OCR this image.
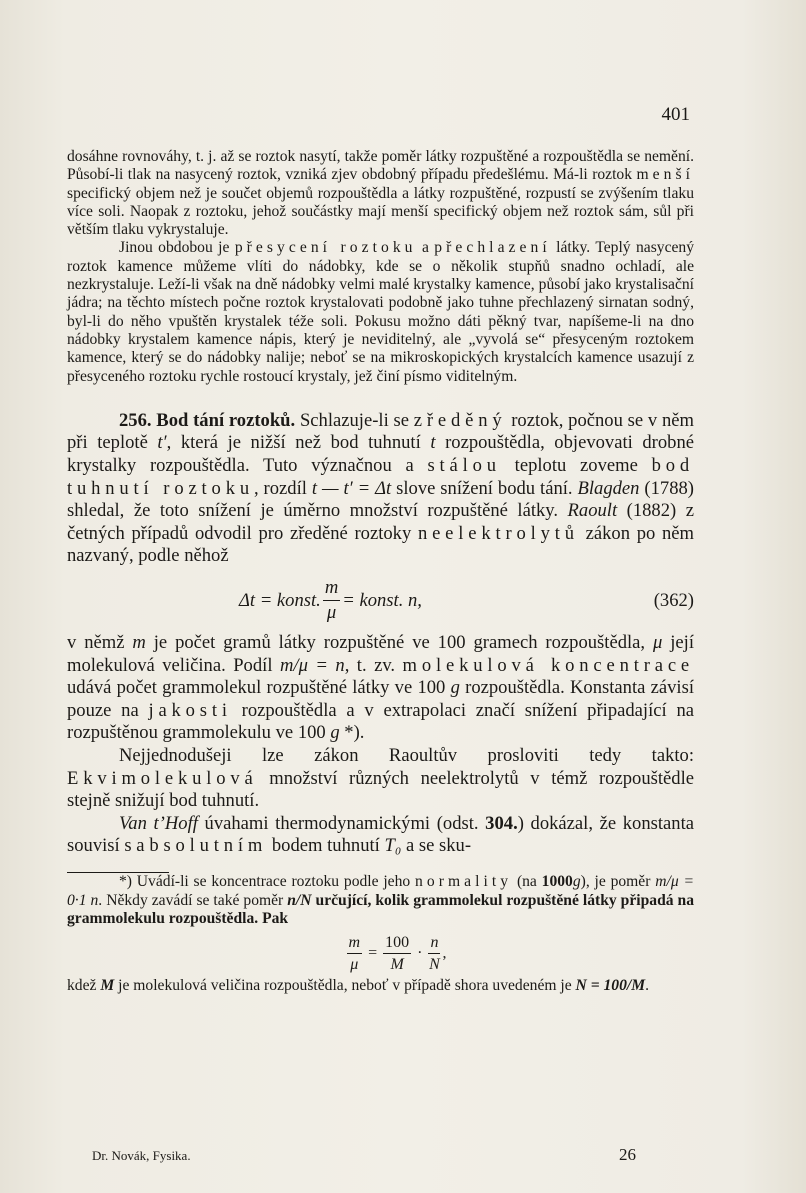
401

dosáhne rovnováhy, t. j. až se roztok nasytí, takže poměr látky rozpuštěné a rozpouštědla se nemění. Působí-li tlak na nasycený roztok, vzniká zjev obdobný případu předešlému. Má-li roztok menší specifický objem než je součet objemů rozpouštědla a látky rozpuštěné, rozpustí se zvýšením tlaku více soli. Naopak z roztoku, jehož součástky mají menší specifický objem než roztok sám, sůl při větším tlaku vykrystaluje.

Jinou obdobou je přesycení roztoku a přechlazení látky. Teplý nasycený roztok kamence můžeme vlíti do nádobky, kde se o několik stupňů snadno ochladí, ale nezkrystaluje. Leží-li však na dně nádobky velmi malé krystalky kamence, působí jako krystalisační jádra; na těchto místech počne roztok krystalovati podobně jako tuhne přechlazený sirnatan sodný, byl-li do něho vpuštěn krystalek téže soli. Pokusu možno dáti pěkný tvar, napíšeme-li na dno nádobky krystalem kamence nápis, který je neviditelný, ale „vyvolá se“ přesyceným roztokem kamence, který se do nádobky nalije; neboť se na mikroskopických krystalcích kamence usazují z přesyceného roztoku rychle rostoucí krystaly, jež činí písmo viditelným.

256. Bod tání roztoků. Schlazuje-li se zředěný roztok, počnou se v něm při teplotě t′, která je nižší než bod tuhnutí t rozpouštědla, objevovati drobné krystalky rozpouštědla. Tuto význačnou a stálou teplotu zoveme bod tuhnutí roztoku, rozdíl t — t′ = Δt slove snížení bodu tání. Blagden (1788) shledal, že toto snížení je úměrno množství rozpuštěné látky. Raoult (1882) z četných případů odvodil pro zředěné roztoky neelektrolytů zákon po něm nazvaný, podle něhož

Δt = konst. $\frac{m}{\mu}$ = konst. n,	(362)

v němž m je počet gramů látky rozpuštěné ve 100 gramech rozpouštědla, μ její molekulová veličina. Podíl m/μ = n, t. zv. molekulová koncentrace udává počet grammolekul rozpuštěné látky ve 100 g rozpouštědla. Konstanta závisí pouze na jakosti rozpouštědla a v extrapolaci značí snížení připadající na rozpuštěnou grammolekulu ve 100 g *).

Nejjednodušeji lze zákon Raoultův prosloviti tedy takto: Ekvimolekulová množství různých neelektrolytů v témž rozpouštědle stejně snižují bod tuhnutí.

Van t’Hoff úvahami thermodynamickými (odst. 304.) dokázal, že konstanta souvisí s absolutním bodem tuhnutí T₀ a se sku-

*) Uvádí-li se koncentrace roztoku podle jeho normality (na 1000g), je poměr m/μ = 0·1 n. Někdy zavádí se také poměr n/N určující, kolik grammolekul rozpuštěné látky připadá na grammolekulu rozpouštědla. Pak

$\frac{m}{\mu} = \frac{100}{M} \cdot \frac{n}{N}$ ,

kdež M je molekulová veličina rozpouštědla, neboť v případě shora uvedeném je N = 100/M.

Dr. Novák, Fysika.	26
